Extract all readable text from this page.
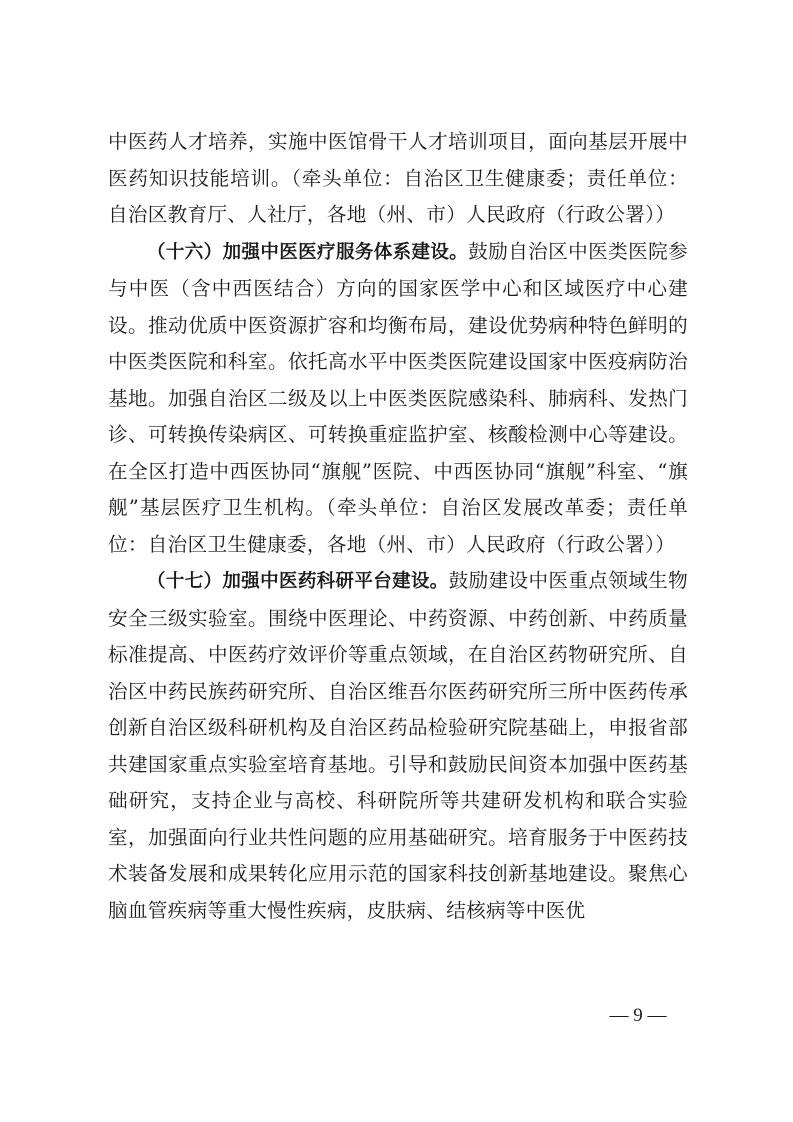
中医药人才培养，实施中医馆骨干人才培训项目，面向基层开展中医药知识技能培训。（牵头单位：自治区卫生健康委；责任单位：自治区教育厅、人社厅，各地（州、市）人民政府（行政公署））

（十六）加强中医医疗服务体系建设。鼓励自治区中医类医院参与中医（含中西医结合）方向的国家医学中心和区域医疗中心建设。推动优质中医资源扩容和均衡布局，建设优势病种特色鲜明的中医类医院和科室。依托高水平中医类医院建设国家中医疫病防治基地。加强自治区二级及以上中医类医院感染科、肺病科、发热门诊、可转换传染病区、可转换重症监护室、核酸检测中心等建设。在全区打造中西医协同“旗舰”医院、中西医协同“旗舰”科室、“旗舰”基层医疗卫生机构。（牵头单位：自治区发展改革委；责任单位：自治区卫生健康委，各地（州、市）人民政府（行政公署））

（十七）加强中医药科研平台建设。鼓励建设中医重点领域生物安全三级实验室。围绕中医理论、中药资源、中药创新、中药质量标准提高、中医药疗效评价等重点领域，在自治区药物研究所、自治区中药民族药研究所、自治区维吾尔医药研究所三所中医药传承创新自治区级科研机构及自治区药品检验研究院基础上，申报省部共建国家重点实验室培育基地。引导和鼓励民间资本加强中医药基础研究，支持企业与高校、科研院所等共建研发机构和联合实验室，加强面向行业共性问题的应用基础研究。培育服务于中医药技术装备发展和成果转化应用示范的国家科技创新基地建设。聚焦心脑血管疾病等重大慢性疾病，皮肤病、结核病等中医优

— 9 —
